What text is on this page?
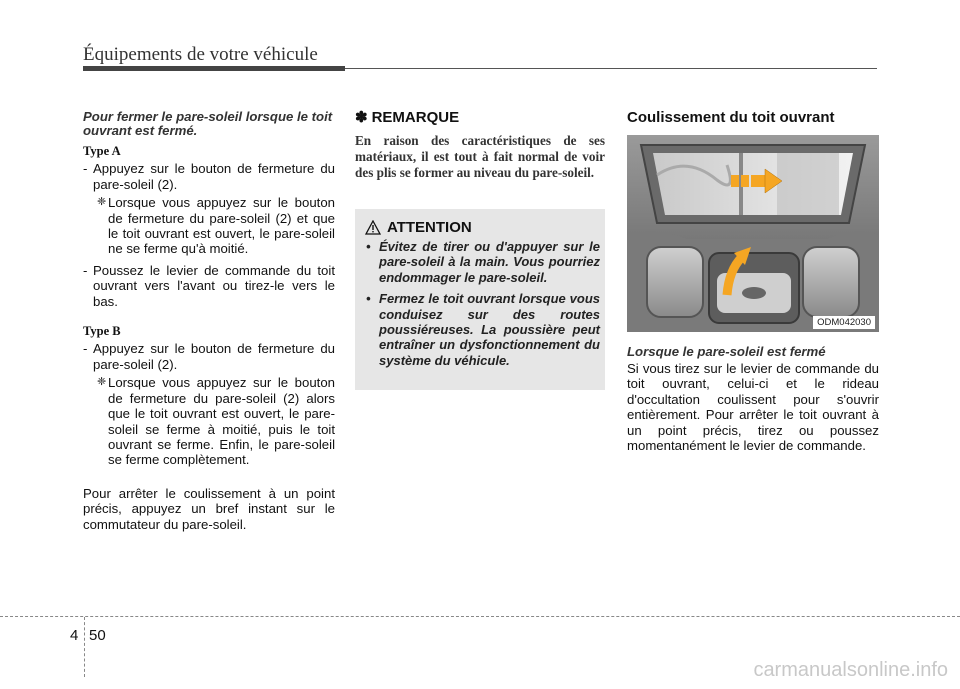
Équipements de votre véhicule

Pour fermer le pare-soleil lorsque le toit ouvrant est fermé.

Type A

- Appuyez sur le bouton de fermeture du pare-soleil (2).
❈ Lorsque vous appuyez sur le bouton de fermeture du pare-soleil (2) et que le toit ouvrant est ouvert, le pare-soleil ne se ferme qu'à moitié.
- Poussez le levier de commande du toit ouvrant vers l'avant ou tirez-le vers le bas.

Type B

- Appuyez sur le bouton de fermeture du pare-soleil (2).
❈ Lorsque vous appuyez sur le bouton de fermeture du pare-soleil (2) alors que le toit ouvrant est ouvert, le pare-soleil se ferme à moitié, puis le toit ouvrant se ferme. Enfin, le pare-soleil se ferme complètement.

Pour arrêter le coulissement à un point précis, appuyez un bref instant sur le commutateur du pare-soleil.

✽ REMARQUE

En raison des caractéristiques de ses matériaux, il est tout à fait normal de voir des plis se former au niveau du pare-soleil.

ATTENTION
• Évitez de tirer ou d'appuyer sur le pare-soleil à la main. Vous pourriez endommager le pare-soleil.
• Fermez le toit ouvrant lorsque vous conduisez sur des routes poussiéreuses. La poussière peut entraîner un dysfonctionnement du système du véhicule.

Coulissement du toit ouvrant

ODM042030

Lorsque le pare-soleil est fermé

Si vous tirez sur le levier de commande du toit ouvrant, celui-ci et le rideau d'occultation coulissent pour s'ouvrir entièrement. Pour arrêter le toit ouvrant à un point précis, tirez ou poussez momentanément le levier de commande.

4 50
carmanualsonline.info
